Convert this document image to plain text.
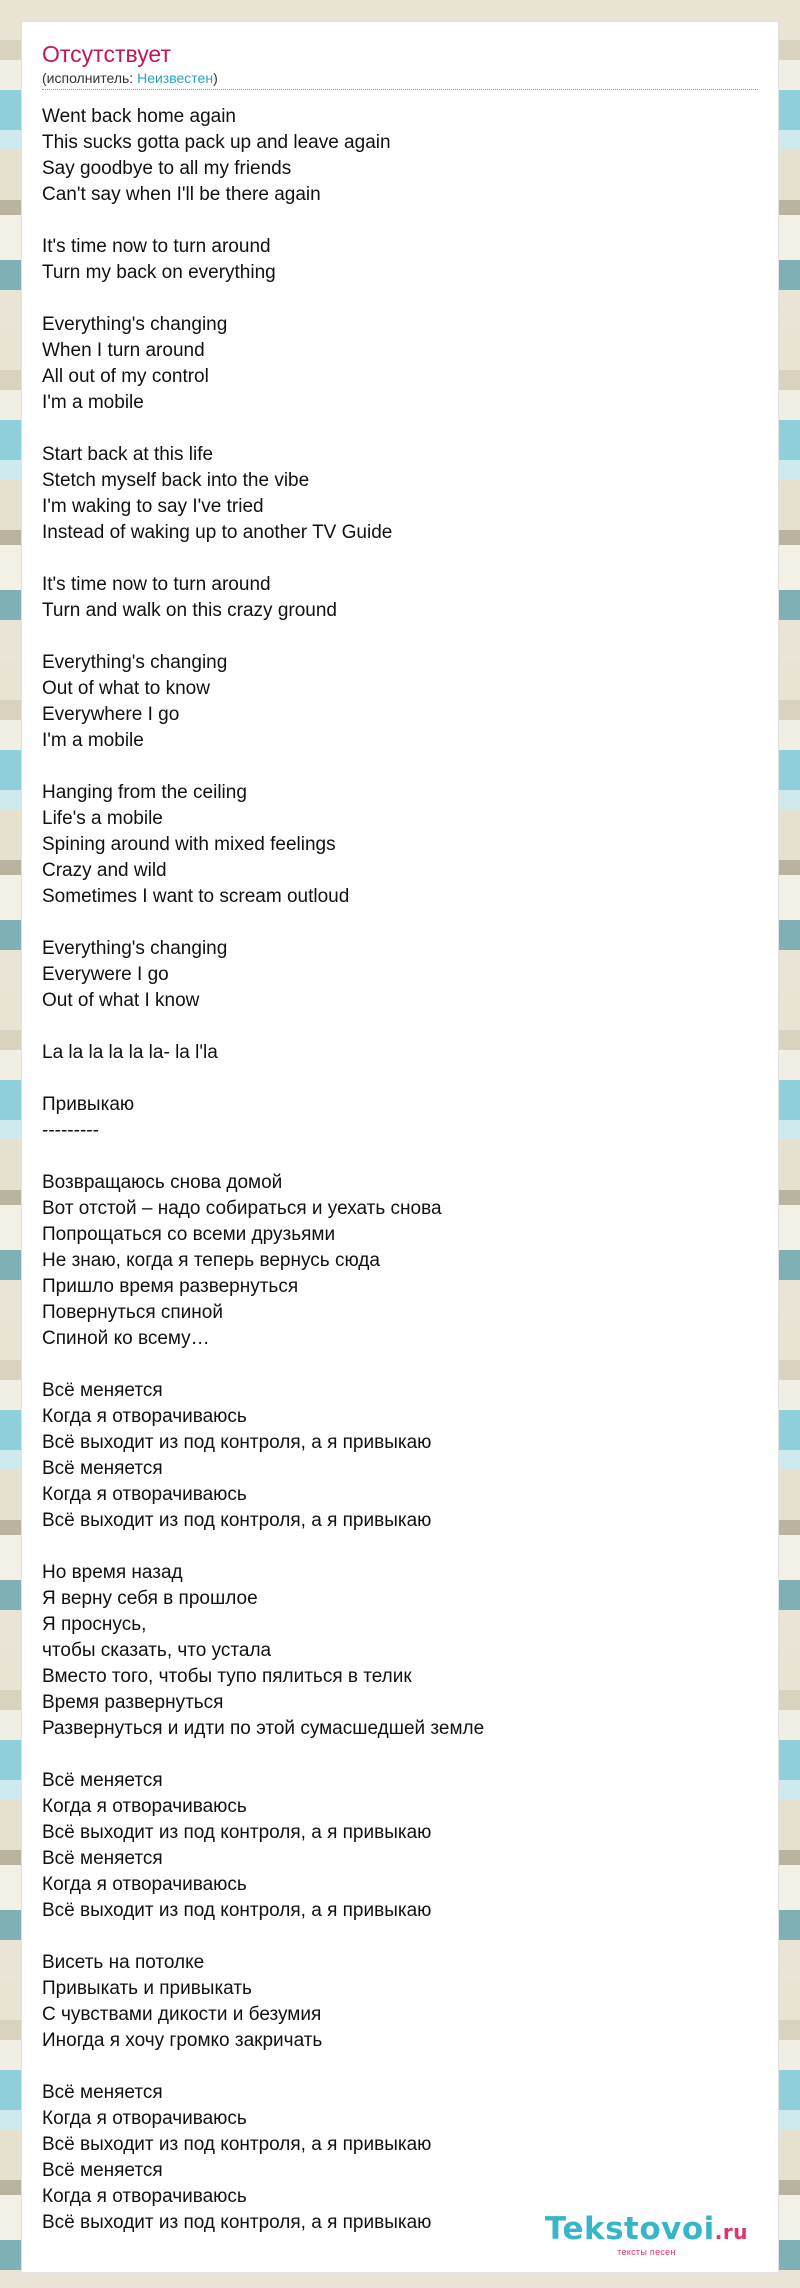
Отсутствует
(исполнитель: Неизвестен)
Went back home again
This sucks gotta pack up and leave again
Say goodbye to all my friends
Can't say when I'll be there again
It's time now to turn around
Turn my back on everything
Everything's changing
When I turn around
All out of my control
I'm a mobile
Start back at this life
Stetch myself back into the vibe
I'm waking to say I've tried
Instead of waking up to another TV Guide
It's time now to turn around
Turn and walk on this crazy ground
Everything's changing
Out of what to know
Everywhere I go
I'm a mobile
Hanging from the ceiling
Life's a mobile
Spining around with mixed feelings
Crazy and wild
Sometimes I want to scream outloud
Everything's changing
Everywere I go
Out of what I know
La la la la la la- la l'la
Привыкаю
---------
Возвращаюсь снова домой
Вот отстой – надо собираться и уехать снова
Попрощаться со всеми друзьями
Не знаю, когда я теперь вернусь сюда
Пришло время развернуться
Повернуться спиной
Спиной ко всему…
Всё меняется
Когда я отворачиваюсь
Всё выходит из под контроля, а я привыкаю
Всё меняется
Когда я отворачиваюсь
Всё выходит из под контроля, а я привыкаю
Но время назад
Я верну себя в прошлое
Я проснусь,
чтобы сказать, что устала
Вместо того, чтобы тупо пялиться в телик
Время развернуться
Развернуться и идти по этой сумасшедшей земле
Всё меняется
Когда я отворачиваюсь
Всё выходит из под контроля, а я привыкаю
Всё меняется
Когда я отворачиваюсь
Всё выходит из под контроля, а я привыкаю
Висеть на потолке
Привыкать и привыкать
С чувствами дикости и безумия
Иногда я хочу громко закричать
Всё меняется
Когда я отворачиваюсь
Всё выходит из под контроля, а я привыкаю
Всё меняется
Когда я отворачиваюсь
Всё выходит из под контроля, а я привыкаю	Tekstovoi.ru
тексты песен
